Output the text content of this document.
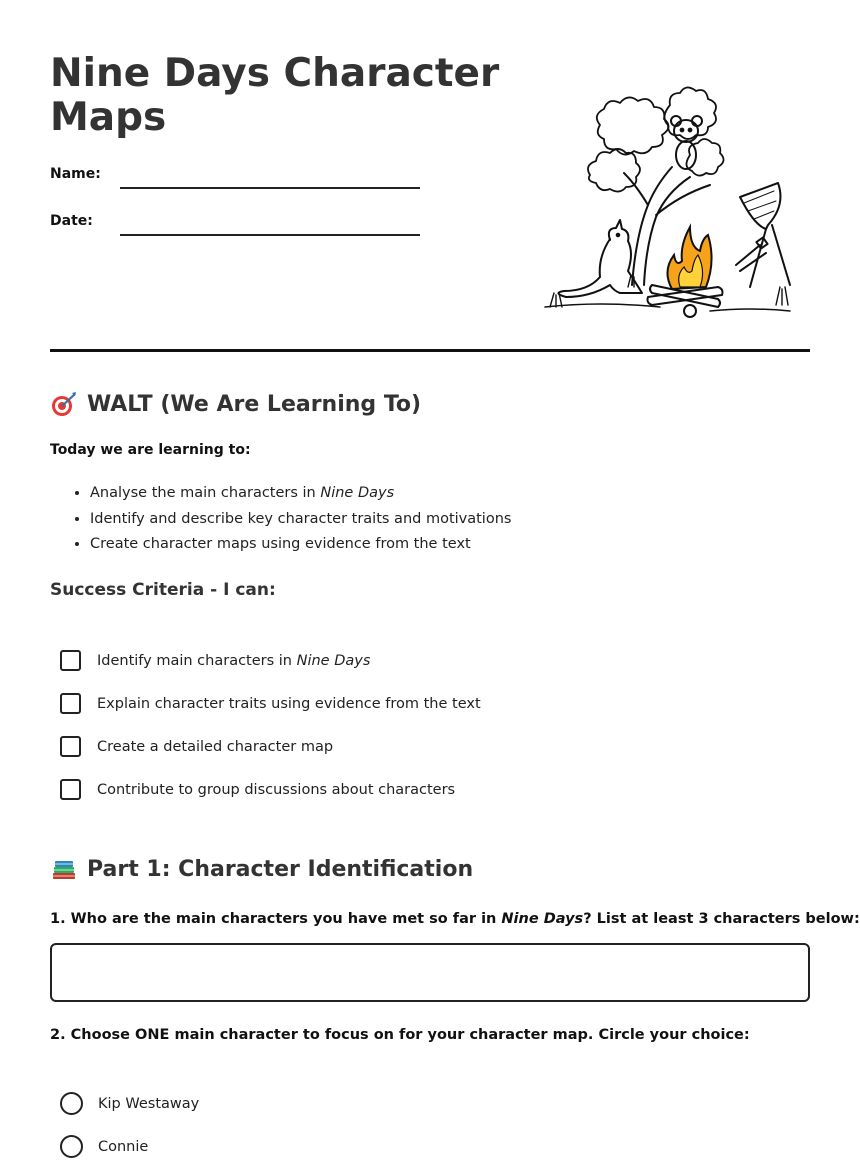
Nine Days Character Maps
Name:
Date:
WALT (We Are Learning To)
Today we are learning to:
• Analyse the main characters in Nine Days
• Identify and describe key character traits and motivations
• Create character maps using evidence from the text
Success Criteria - I can:
Identify main characters in Nine Days
Explain character traits using evidence from the text
Create a detailed character map
Contribute to group discussions about characters
Part 1: Character Identification
1. Who are the main characters you have met so far in Nine Days? List at least 3 characters below:
2. Choose ONE main character to focus on for your character map. Circle your choice:
Kip Westaway
Connie
